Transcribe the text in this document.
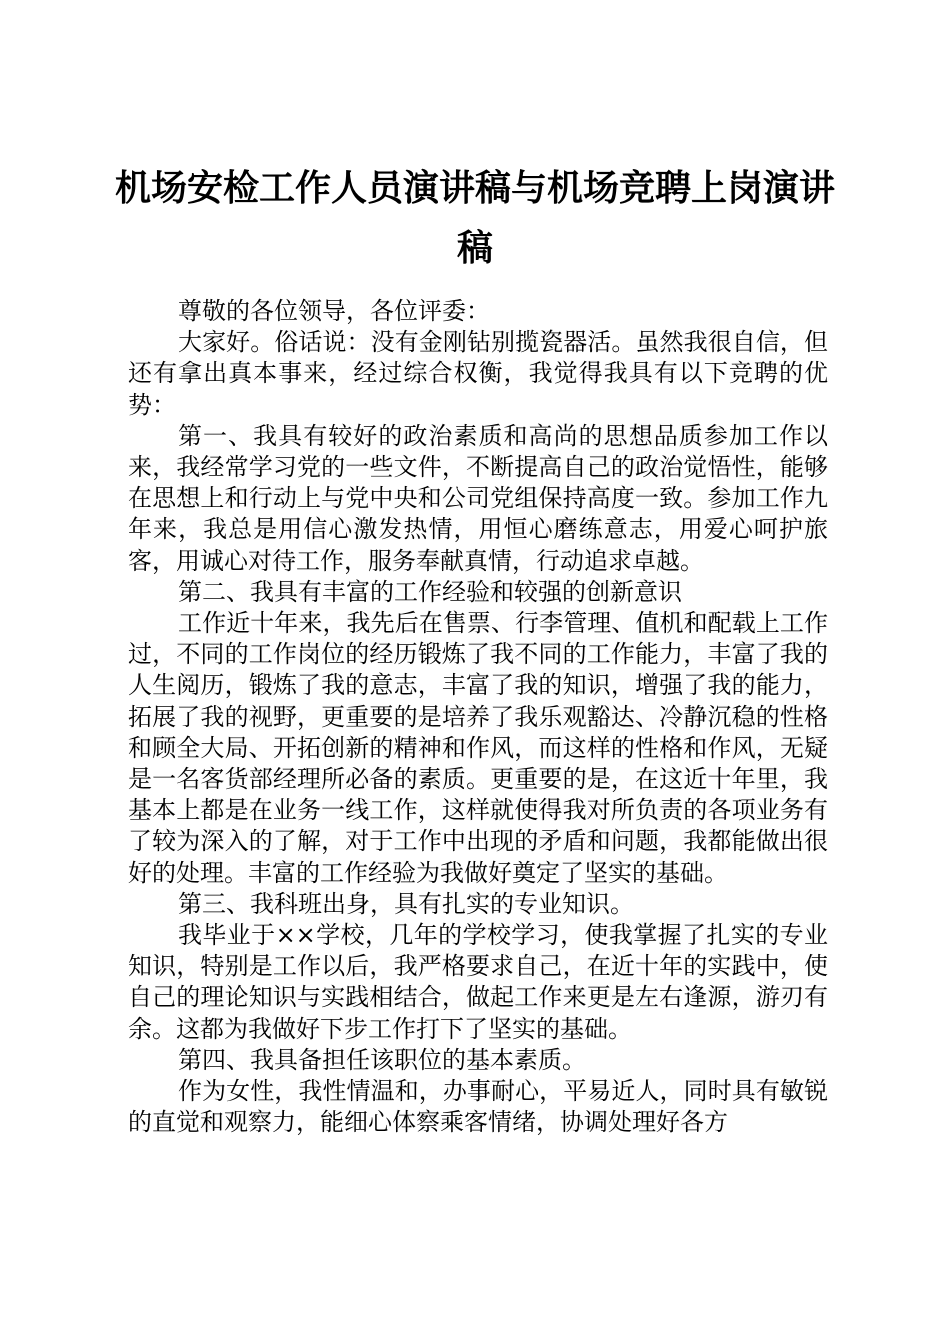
机场安检工作人员演讲稿与机场竞聘上岗演讲稿

尊敬的各位领导，各位评委：

大家好。俗话说：没有金刚钻别揽瓷器活。虽然我很自信，但还有拿出真本事来，经过综合权衡，我觉得我具有以下竞聘的优势：

第一、我具有较好的政治素质和高尚的思想品质参加工作以来，我经常学习党的一些文件，不断提高自己的政治觉悟性，能够在思想上和行动上与党中央和公司党组保持高度一致。参加工作九年来，我总是用信心激发热情，用恒心磨练意志，用爱心呵护旅客，用诚心对待工作，服务奉献真情，行动追求卓越。

第二、我具有丰富的工作经验和较强的创新意识

工作近十年来，我先后在售票、行李管理、值机和配载上工作过，不同的工作岗位的经历锻炼了我不同的工作能力，丰富了我的人生阅历，锻炼了我的意志，丰富了我的知识，增强了我的能力，拓展了我的视野，更重要的是培养了我乐观豁达、冷静沉稳的性格和顾全大局、开拓创新的精神和作风，而这样的性格和作风，无疑是一名客货部经理所必备的素质。更重要的是，在这近十年里，我基本上都是在业务一线工作，这样就使得我对所负责的各项业务有了较为深入的了解，对于工作中出现的矛盾和问题，我都能做出很好的处理。丰富的工作经验为我做好奠定了坚实的基础。

第三、我科班出身，具有扎实的专业知识。

我毕业于××学校，几年的学校学习，使我掌握了扎实的专业知识，特别是工作以后，我严格要求自己，在近十年的实践中，使自己的理论知识与实践相结合，做起工作来更是左右逢源，游刃有余。这都为我做好下步工作打下了坚实的基础。

第四、我具备担任该职位的基本素质。

作为女性，我性情温和，办事耐心，平易近人，同时具有敏锐的直觉和观察力，能细心体察乘客情绪，协调处理好各方
